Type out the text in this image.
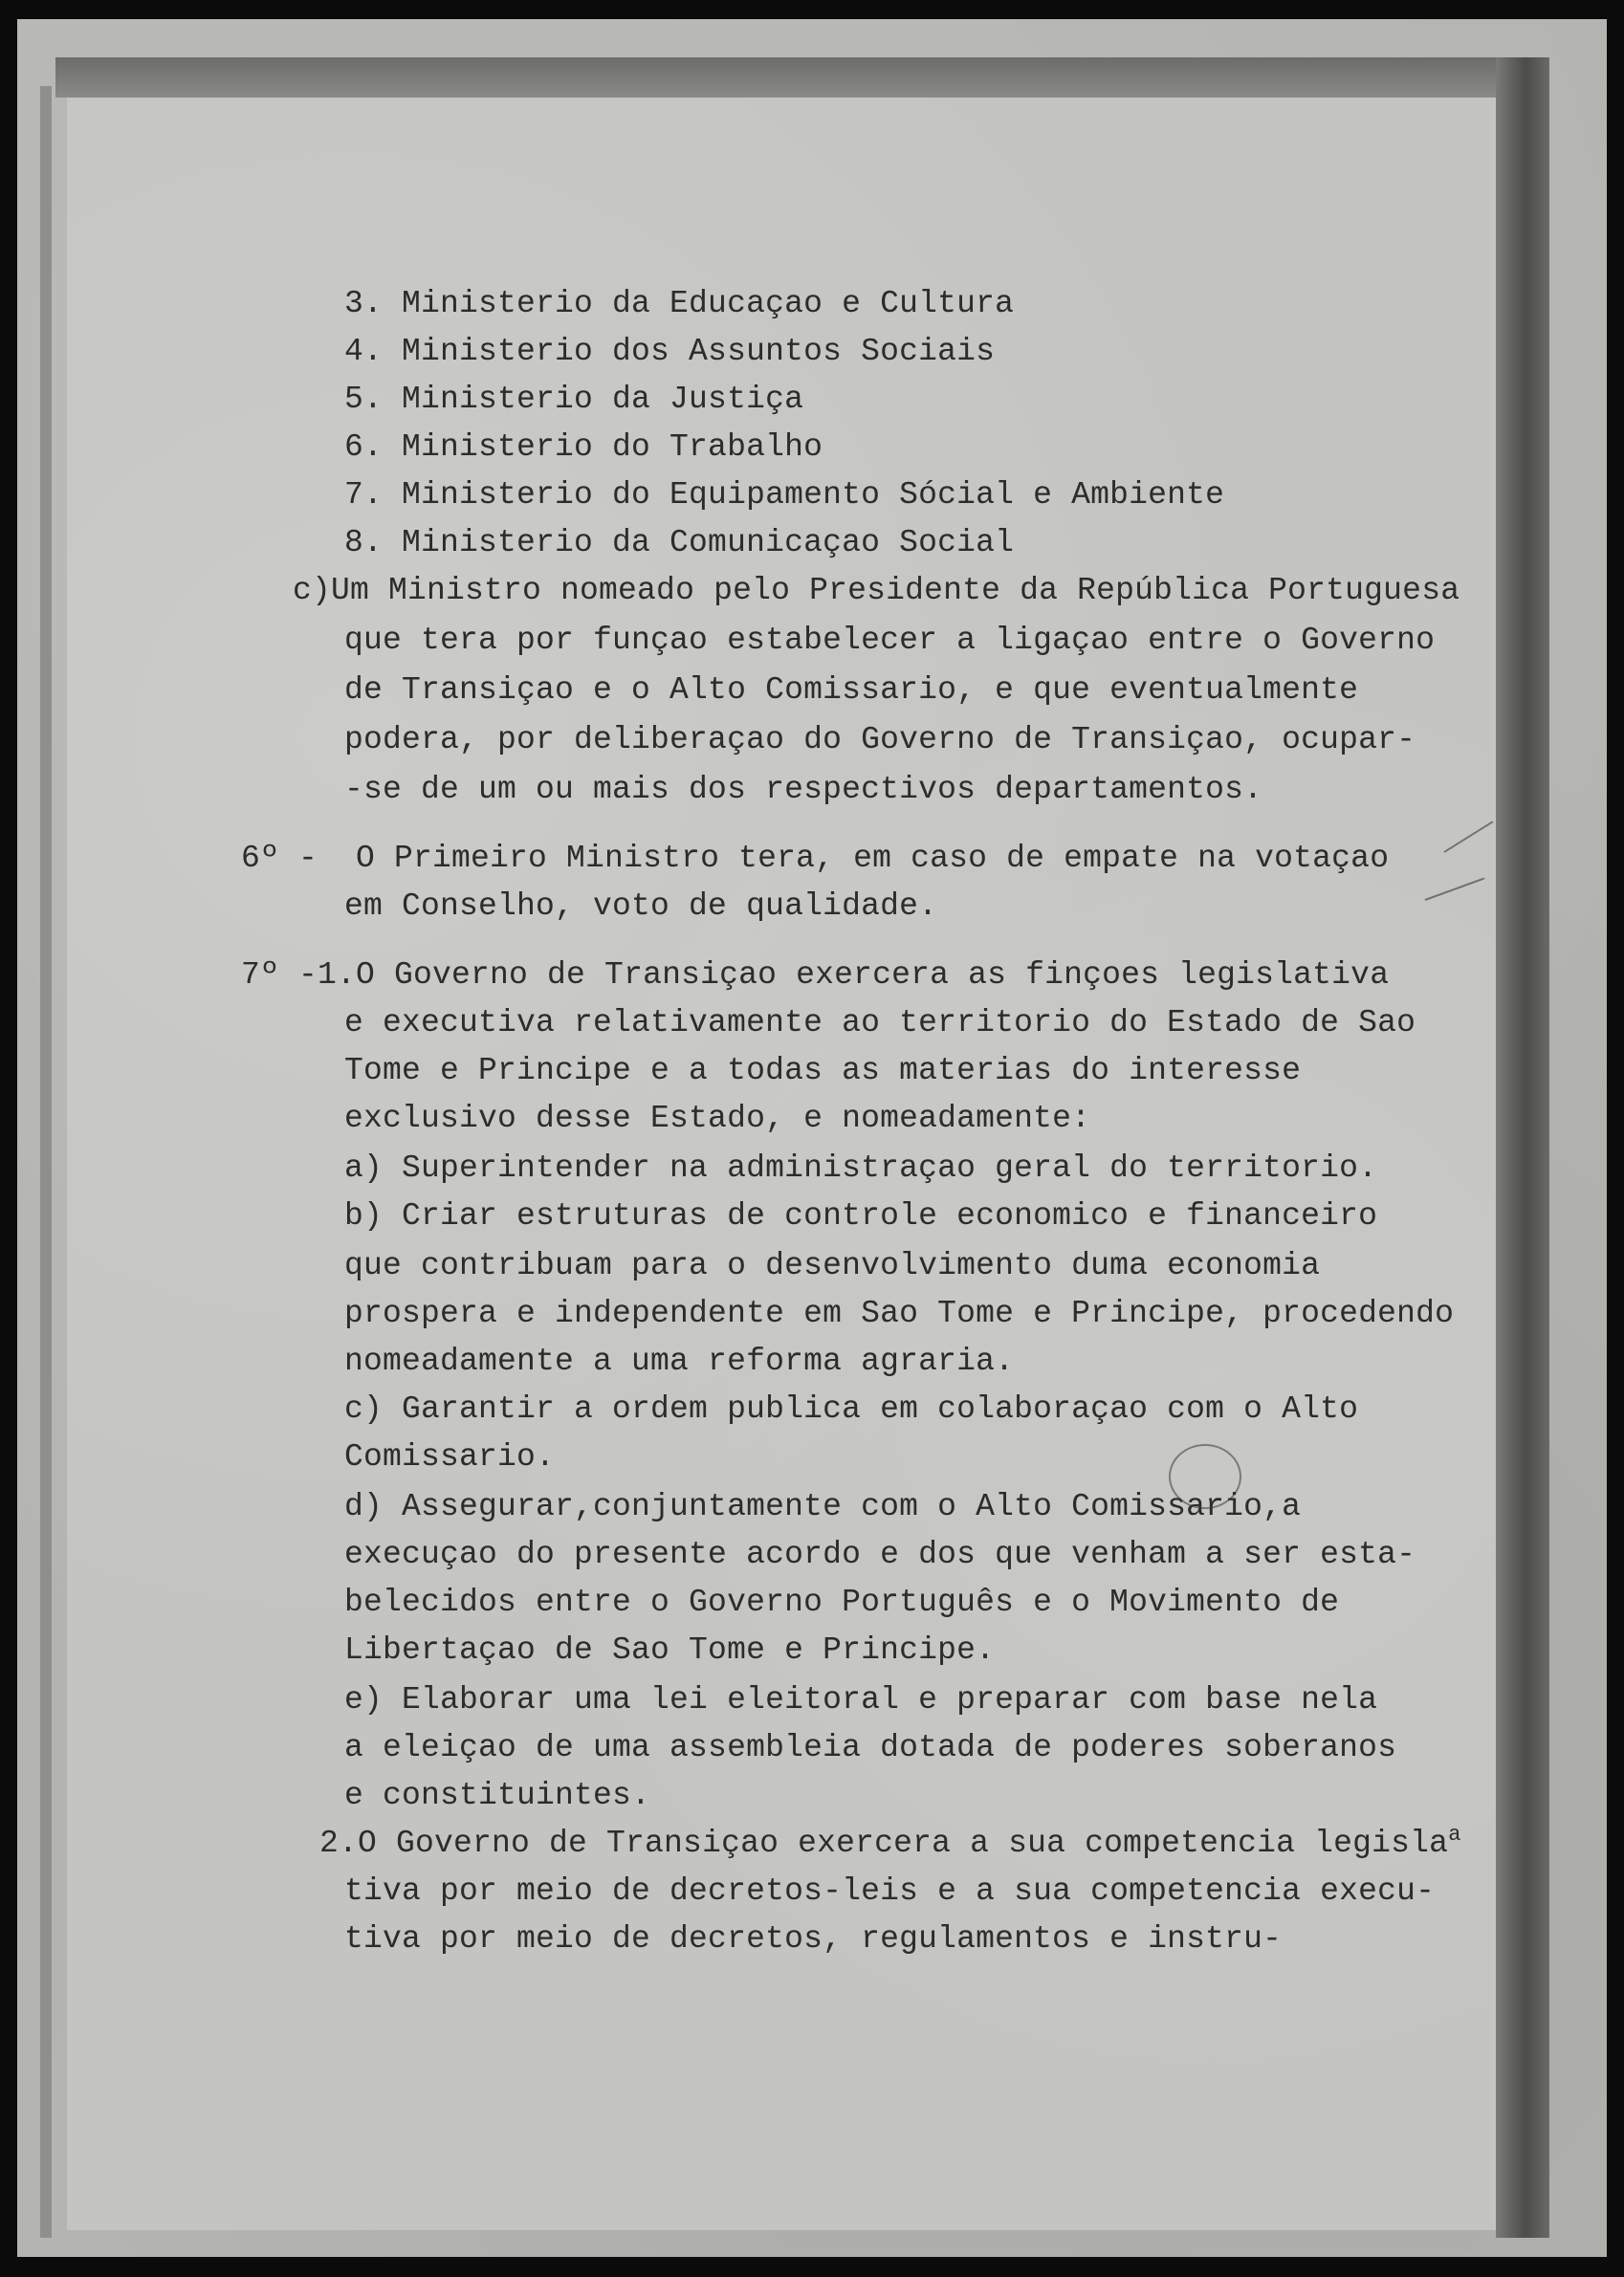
3. Ministerio da Educaçao e Cultura
4. Ministerio dos Assuntos Sociais
5. Ministerio da Justiça
6. Ministerio do Trabalho
7. Ministerio do Equipamento Sócial e Ambiente
8. Ministerio da Comunicaçao Social
c)Um Ministro nomeado pelo Presidente da República Portuguesa
que tera por funçao estabelecer a ligaçao entre o Governo
de Transiçao e o Alto Comissario, e que eventualmente
podera, por deliberaçao do Governo de Transiçao, ocupar-
-se de um ou mais dos respectivos departamentos.
6º -  O Primeiro Ministro tera, em caso de empate na votaçao
em Conselho, voto de qualidade.
7º -1.O Governo de Transiçao exercera as finçoes legislativa
e executiva relativamente ao territorio do Estado de Sao
Tome e Principe e a todas as materias do interesse
exclusivo desse Estado, e nomeadamente:
a) Superintender na administraçao geral do territorio.
b) Criar estruturas de controle economico e financeiro
que contribuam para o desenvolvimento duma economia
prospera e independente em Sao Tome e Principe, procedendo
nomeadamente a uma reforma agraria.
c) Garantir a ordem publica em colaboraçao com o Alto
Comissario.
d) Assegurar,conjuntamente com o Alto Comissario,a
execuçao do presente acordo e dos que venham a ser esta-
belecidos entre o Governo Português e o Movimento de
Libertaçao de Sao Tome e Principe.
e) Elaborar uma lei eleitoral e preparar com base nela
a eleiçao de uma assembleia dotada de poderes soberanos
e constituintes.
2.O Governo de Transiçao exercera a sua competencia legisla$^a$
tiva por meio de decretos-leis e a sua competencia execu-
tiva por meio de decretos, regulamentos e instru-
